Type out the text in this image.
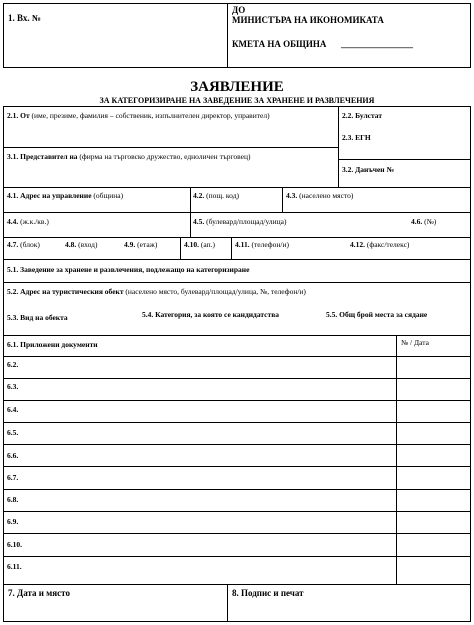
1. Вх. №
ДО
МИНИСТЪРА НА ИКОНОМИКАТА
КМЕТА НА ОБЩИНА ________________
ЗАЯВЛЕНИЕ
ЗА КАТЕГОРИЗИРАНЕ НА ЗАВЕДЕНИЕ ЗА ХРАНЕНЕ И РАЗВЛЕЧЕНИЯ
2.1. От (име, презиме, фамилия – собственик, изпълнителен директор, управител)	2.2. Булстат
2.3. ЕГН
3.1. Представител на (фирма на търговско дружество, едноличен търговец)
3.2. Данъчен №
4.1. Адрес на управление (община)	4.2. (пощ. код)	4.3. (населено място)
4.4. (ж.к./кв.)	4.5. (булевард/площад/улица)	4.6. (№)
4.7. (блок)	4.8. (вход)	4.9. (етаж)	4.10. (ап.)	4.11. (телефон/и)	4.12. (факс/телекс)
5.1. Заведение за хранене и развлечения, подлежащо на категоризиране
5.2. Адрес на туристическия обект (населено място, булевард/площад/улица, №, телефон/и)
5.3. Вид на обекта	5.4. Категория, за която се кандидатства	5.5. Общ брой места за сядане
6.1. Приложени документи	№ / Дата
6.2.
6.3.
6.4.
6.5.
6.6.
6.7.
6.8.
6.9.
6.10.
6.11.
7. Дата и място	8. Подпис и печат
